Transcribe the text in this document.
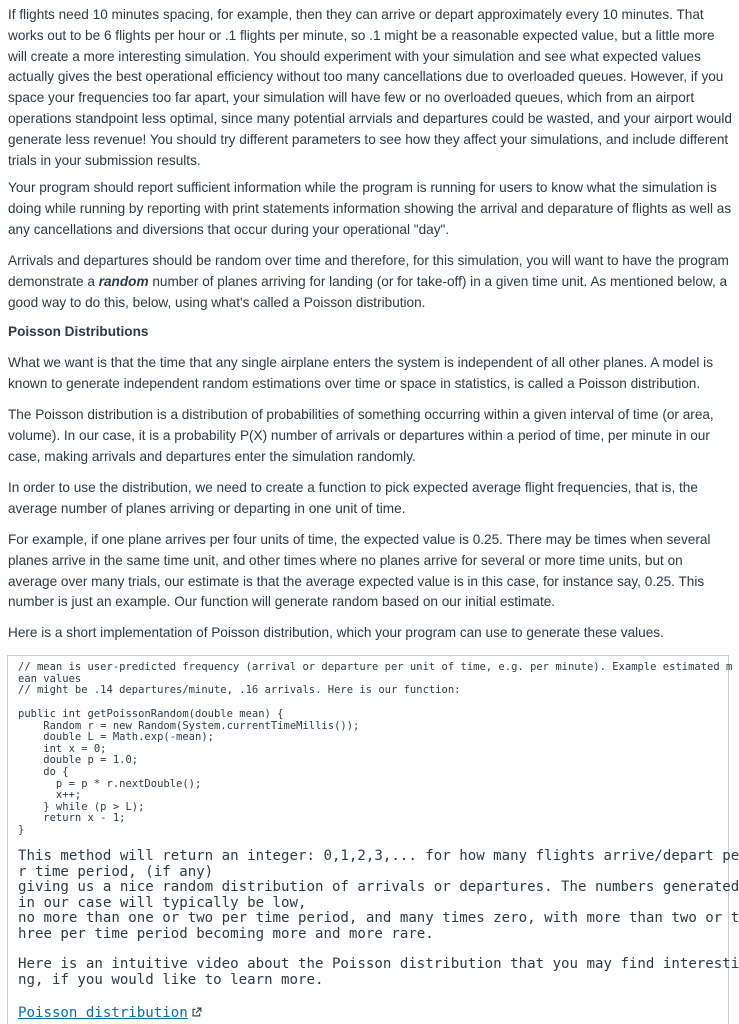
If flights need 10 minutes spacing, for example, then they can arrive or depart approximately every 10 minutes. That works out to be 6 flights per hour or .1 flights per minute, so .1 might be a reasonable expected value, but a little more will create a more interesting simulation. You should experiment with your simulation and see what expected values actually gives the best operational efficiency without too many cancellations due to overloaded queues. However, if you space your frequencies too far apart, your simulation will have few or no overloaded queues, which from an airport operations standpoint less optimal, since many potential arrvials and departures could be wasted, and your airport would generate less revenue! You should try different parameters to see how they affect your simulations, and include different trials in your submission results.

Your program should report sufficient information while the program is running for users to know what the simulation is doing while running by reporting with print statements information showing the arrival and deparature of flights as well as any cancellations and diversions that occur during your operational "day".

Arrivals and departures should be random over time and therefore, for this simulation, you will want to have the program demonstrate a random number of planes arriving for landing (or for take-off) in a given time unit. As mentioned below, a good way to do this, below, using what's called a Poisson distribution.

Poisson Distributions

What we want is that the time that any single airplane enters the system is independent of all other planes. A model is known to generate independent random estimations over time or space in statistics, is called a Poisson distribution.

The Poisson distribution is a distribution of probabilities of something occurring within a given interval of time (or area, volume). In our case, it is a probability P(X) number of arrivals or departures within a period of time, per minute in our case, making arrivals and departures enter the simulation randomly.

In order to use the distribution, we need to create a function to pick expected average flight frequencies, that is, the average number of planes arriving or departing in one unit of time.

For example, if one plane arrives per four units of time, the expected value is 0.25. There may be times when several planes arrive in the same time unit, and other times where no planes arrive for several or more time units, but on average over many trials, our estimate is that the average expected value is in this case, for instance say, 0.25. This number is just an example. Our function will generate random based on our initial estimate.

Here is a short implementation of Poisson distribution, which your program can use to generate these values.

// mean is user-predicted frequency (arrival or departure per unit of time, e.g. per minute). Example estimated m
ean values
// might be .14 departures/minute, .16 arrivals. Here is our function:
public int getPoissonRandom(double mean) {
Random r = new Random(System.currentTimeMillis());
double L = Math.exp(-mean);
int x = 0;
double p = 1.0;
do {
p = p * r.nextDouble();
x++;
} while (p > L);
return x - 1;
}
This method will return an integer: 0,1,2,3,... for how many flights arrive/depart pe
r time period, (if any)
giving us a nice random distribution of arrivals or departures. The numbers generated
in our case will typically be low,
no more than one or two per time period, and many times zero, with more than two or t
hree per time period becoming more and more rare.
Here is an intuitive video about the Poisson distribution that you may find interesti
ng, if you would like to learn more.

Poisson distribution
